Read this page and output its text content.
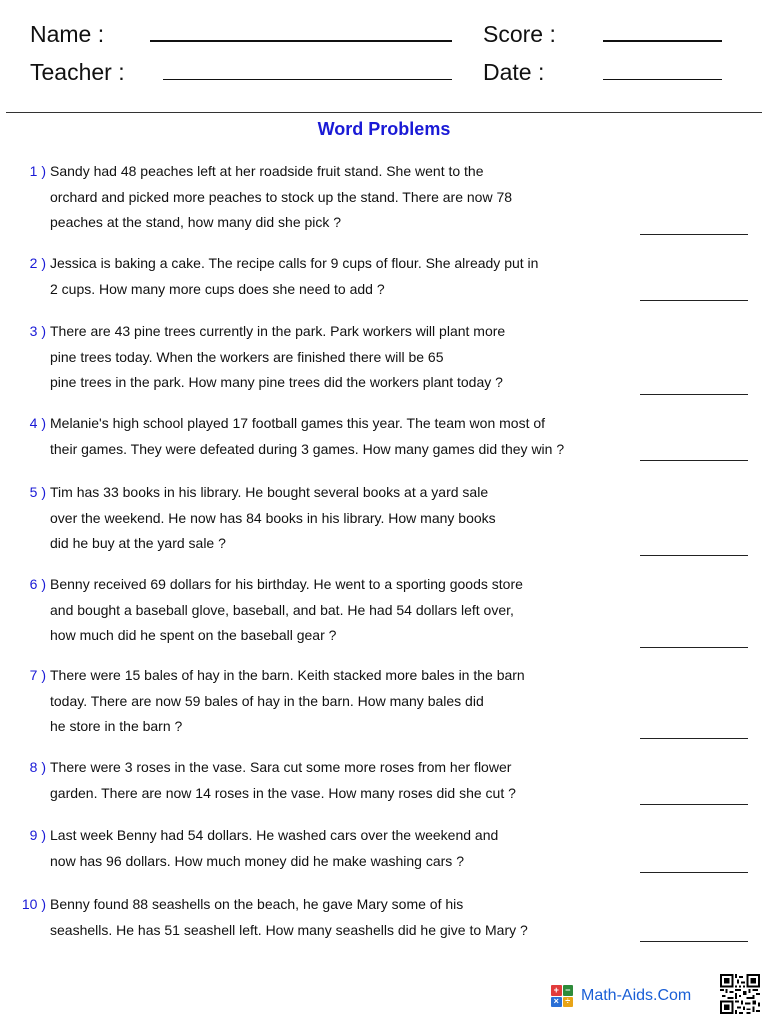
Name :	Score :
Teacher :	Date :
Word Problems
1 ) Sandy had 48 peaches left at her roadside fruit stand. She went to the
orchard and picked more peaches to stock up the stand. There are now 78
peaches at the stand, how many did she pick ?
2 ) Jessica is baking a cake. The recipe calls for 9 cups of flour. She already put in
2 cups. How many more cups does she need to add ?
3 ) There are 43 pine trees currently in the park. Park workers will plant more
pine trees today. When the workers are finished there will be 65
pine trees in the park. How many pine trees did the workers plant today ?
4 ) Melanie's high school played 17 football games this year. The team won most of
their games. They were defeated during 3 games. How many games did they win ?
5 ) Tim has 33 books in his library. He bought several books at a yard sale
over the weekend. He now has 84 books in his library. How many books
did he buy at the yard sale ?
6 ) Benny received 69 dollars for his birthday. He went to a sporting goods store
and bought a baseball glove, baseball, and bat. He had 54 dollars left over,
how much did he spent on the baseball gear ?
7 ) There were 15 bales of hay in the barn. Keith stacked more bales in the barn
today. There are now 59 bales of hay in the barn. How many bales did
he store in the barn ?
8 ) There were 3 roses in the vase. Sara cut some more roses from her flower
garden. There are now 14 roses in the vase. How many roses did she cut ?
9 ) Last week Benny had 54 dollars. He washed cars over the weekend and
now has 96 dollars. How much money did he make washing cars ?
10 ) Benny found 88 seashells on the beach, he gave Mary some of his
seashells. He has 51 seashell left. How many seashells did he give to Mary ?
+ −
× ÷ Math-Aids.Com
